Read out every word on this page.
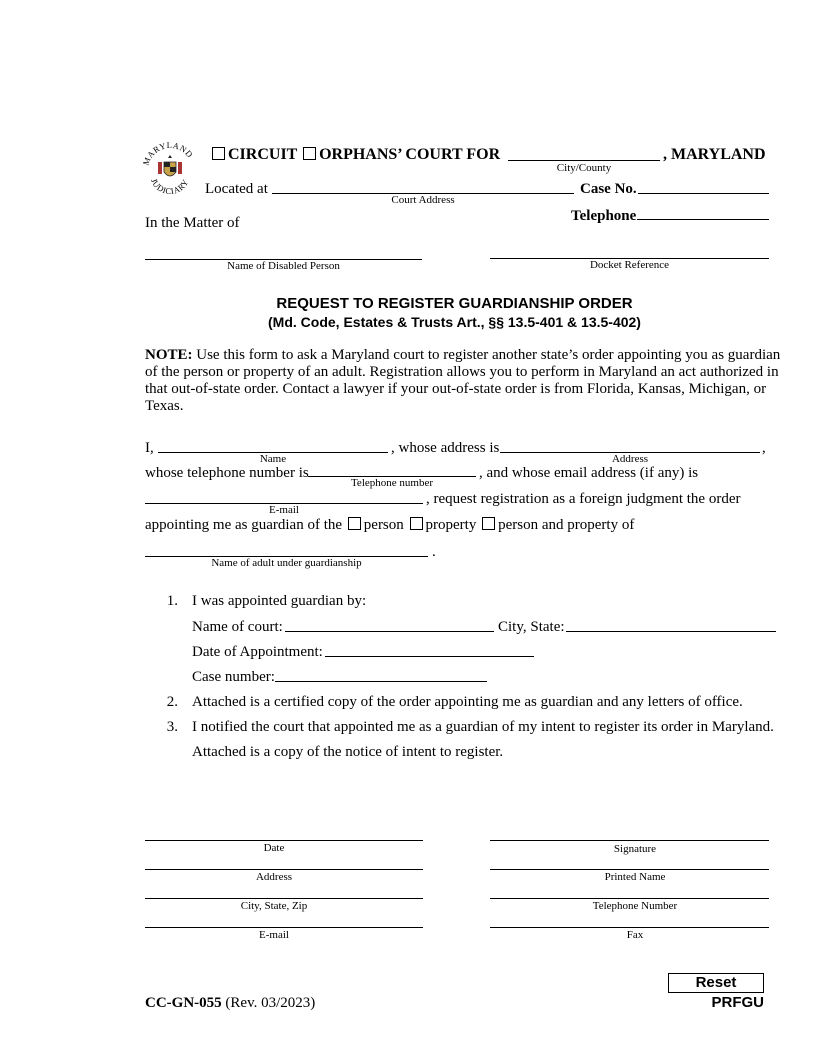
MARYLAND
JUDICIARY
CIRCUIT ORPHANS’ COURT FOR	, MARYLAND
City/County
Located at
Court Address
Case No.
Telephone
In the Matter of
Name of Disabled Person	Docket Reference
REQUEST TO REGISTER GUARDIANSHIP ORDER
(Md. Code, Estates & Trusts Art., §§ 13.5-401 & 13.5-402)
NOTE: Use this form to ask a Maryland court to register another state’s order appointing you as guardian
of the person or property of an adult. Registration allows you to perform in Maryland an act authorized in
that out-of-state order. Contact a lawyer if your out-of-state order is from Florida, Kansas, Michigan, or
Texas.
I,
Name
, whose address is
Address
,
whose telephone number is
Telephone number
, and whose email address (if any) is
E-mail
, request registration as a foreign judgment the order
appointing me as guardian of the person property person and property of
Name of adult under guardianship
.
1. I was appointed guardian by:
Name of court:	City, State:
Date of Appointment:
Case number:
2. Attached is a certified copy of the order appointing me as guardian and any letters of office.
3. I notified the court that appointed me as a guardian of my intent to register its order in Maryland.
Attached is a copy of the notice of intent to register.
Date	Signature
Address	Printed Name
City, State, Zip	Telephone Number
E-mail	Fax
CC-GN-055 (Rev. 03/2023)
Reset
PRFGU
